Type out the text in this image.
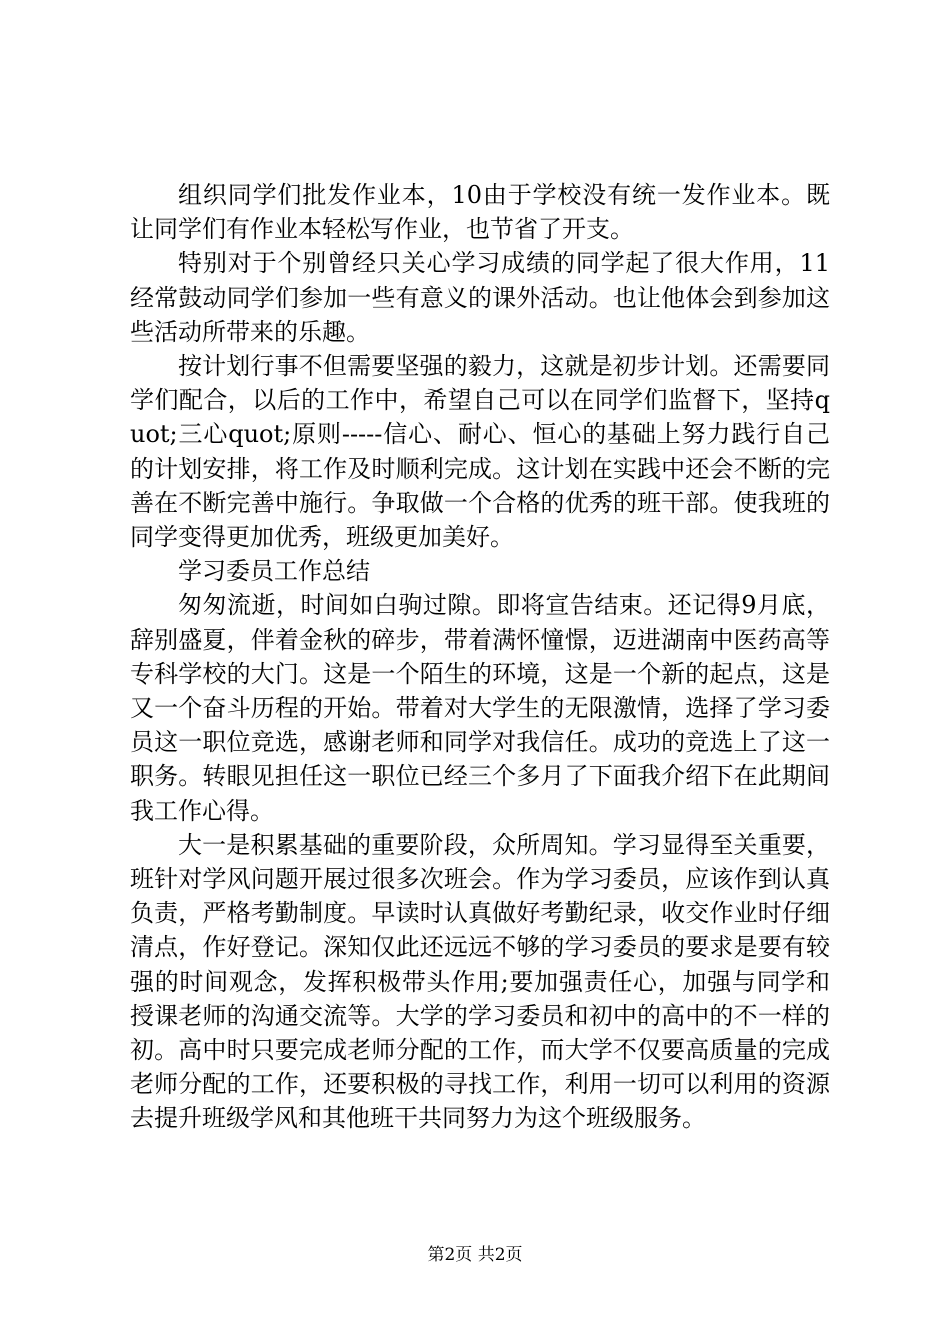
组织同学们批发作业本，10由于学校没有统一发作业本。既让同学们有作业本轻松写作业，也节省了开支。

特别对于个别曾经只关心学习成绩的同学起了很大作用，11经常鼓动同学们参加一些有意义的课外活动。也让他体会到参加这些活动所带来的乐趣。

按计划行事不但需要坚强的毅力，这就是初步计划。还需要同学们配合，以后的工作中，希望自己可以在同学们监督下，坚持quot;三心quot;原则-----信心、耐心、恒心的基础上努力践行自己的计划安排，将工作及时顺利完成。这计划在实践中还会不断的完善在不断完善中施行。争取做一个合格的优秀的班干部。使我班的同学变得更加优秀，班级更加美好。

学习委员工作总结

匆匆流逝，时间如白驹过隙。即将宣告结束。还记得9月底，辞别盛夏，伴着金秋的碎步，带着满怀憧憬，迈进湖南中医药高等专科学校的大门。这是一个陌生的环境，这是一个新的起点，这是又一个奋斗历程的开始。带着对大学生的无限激情，选择了学习委员这一职位竞选，感谢老师和同学对我信任。成功的竞选上了这一职务。转眼见担任这一职位已经三个多月了下面我介绍下在此期间我工作心得。

大一是积累基础的重要阶段，众所周知。学习显得至关重要，班针对学风问题开展过很多次班会。作为学习委员，应该作到认真负责，严格考勤制度。早读时认真做好考勤纪录，收交作业时仔细清点，作好登记。深知仅此还远远不够的学习委员的要求是要有较强的时间观念，发挥积极带头作用;要加强责任心，加强与同学和授课老师的沟通交流等。大学的学习委员和初中的高中的不一样的初。高中时只要完成老师分配的工作，而大学不仅要高质量的完成老师分配的工作，还要积极的寻找工作，利用一切可以利用的资源去提升班级学风和其他班干共同努力为这个班级服务。

第2页 共2页
